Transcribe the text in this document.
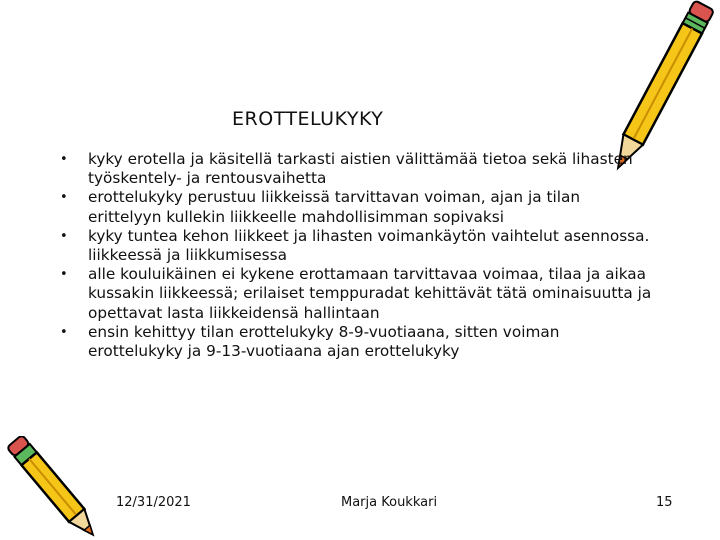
EROTTELUKYKY
• kyky erotella ja käsitellä tarkasti aistien välittämää tietoa sekä lihasten työskentely- ja rentousvaihetta
• erottelukyky perustuu liikkeissä tarvittavan voiman, ajan ja tilan erittelyyn kullekin liikkeelle mahdollisimman sopivaksi
• kyky tuntea kehon liikkeet ja lihasten voimankäytön vaihtelut asennossa. liikkeessä ja liikkumisessa
• alle kouluikäinen ei kykene erottamaan tarvittavaa voimaa, tilaa ja aikaa kussakin liikkeessä; erilaiset temppuradat kehittävät tätä ominaisuutta ja opettavat lasta liikkeidensä hallintaan
• ensin kehittyy tilan erottelukyky 8-9-vuotiaana, sitten voiman erottelukyky ja 9-13-vuotiaana ajan erottelukyky
12/31/2021	Marja Koukkari	15
